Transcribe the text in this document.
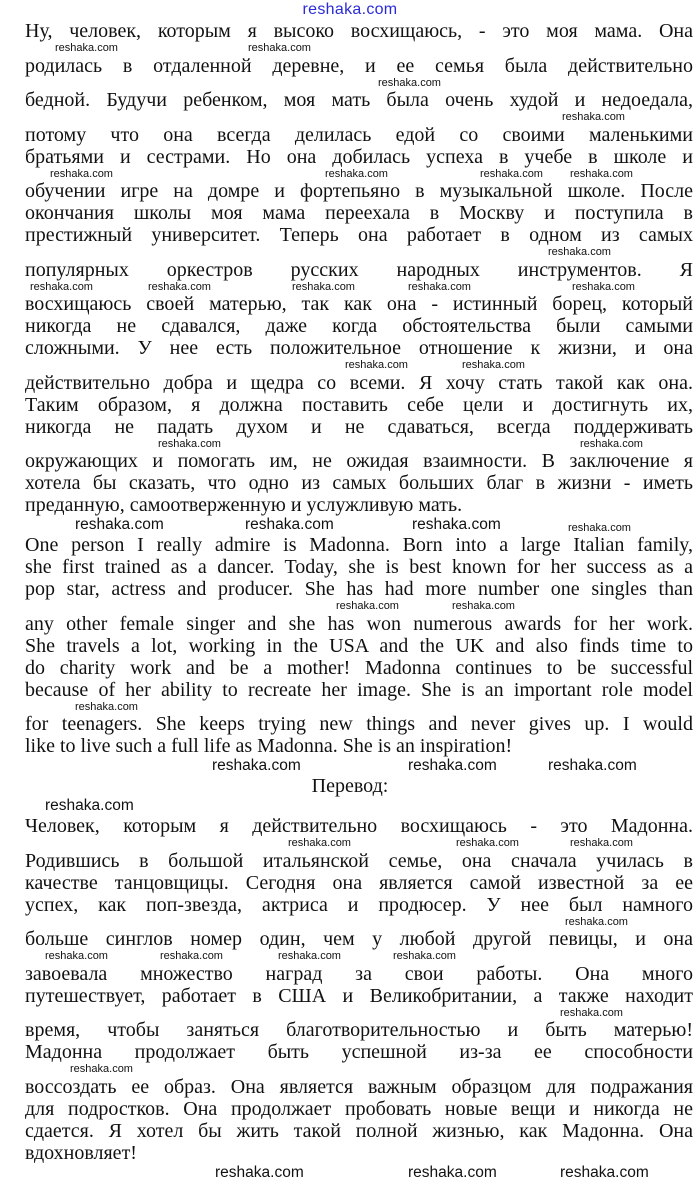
reshaka.com
Ну, человек, которым я высоко восхищаюсь, - это моя мама. Она
reshaka.com	reshaka.com
родилась в отдаленной деревне, и ее семья была действительно
reshaka.com
бедной. Будучи ребенком, моя мать была очень худой и недоедала,
reshaka.com
потому что она всегда делилась едой со своими маленькими
братьями и сестрами. Но она добилась успеха в учебе в школе и
reshaka.com	reshaka.com	reshaka.com reshaka.com
обучении игре на домре и фортепьяно в музыкальной школе. После
окончания школы моя мама переехала в Москву и поступила в
престижный университет. Теперь она работает в одном из самых
reshaka.com
популярных оркестров русских народных инструментов. Я
reshaka.com	reshaka.com	reshaka.com	reshaka.com	reshaka.com
восхищаюсь своей матерью, так как она - истинный борец, который
никогда не сдавался, даже когда обстоятельства были самыми
сложными. У нее есть положительное отношение к жизни, и она
reshaka.com	reshaka.com
действительно добра и щедра со всеми. Я хочу стать такой как она.
Таким образом, я должна поставить себе цели и достигнуть их,
никогда не падать духом и не сдаваться, всегда поддерживать
reshaka.com	reshaka.com
окружающих и помогать им, не ожидая взаимности. В заключение я
хотела бы сказать, что одно из самых больших благ в жизни - иметь
преданную, самоотверженную и услужливую мать.
reshaka.com	reshaka.com	reshaka.com	reshaka.com
One person I really admire is Madonna. Born into a large Italian family,
she first trained as a dancer. Today, she is best known for her success as a
pop star, actress and producer. She has had more number one singles than
reshaka.com	reshaka.com
any other female singer and she has won numerous awards for her work.
She travels a lot, working in the USA and the UK and also finds time to
do charity work and be a mother! Madonna continues to be successful
because of her ability to recreate her image. She is an important role model
reshaka.com
for teenagers. She keeps trying new things and never gives up. I would
like to live such a full life as Madonna. She is an inspiration!
reshaka.com	reshaka.com	reshaka.com
Перевод:
reshaka.com
Человек, которым я действительно восхищаюсь - это Мадонна.
reshaka.com	reshaka.com	reshaka.com
Родившись в большой итальянской семье, она сначала училась в
качестве танцовщицы. Сегодня она является самой известной за ее
успех, как поп-звезда, актриса и продюсер. У нее был намного
reshaka.com
больше синглов номер один, чем у любой другой певицы, и она
reshaka.com	reshaka.com	reshaka.com	reshaka.com
завоевала множество наград за свои работы. Она много
путешествует, работает в США и Великобритании, а также находит
reshaka.com
время, чтобы заняться благотворительностью и быть матерью!
Мадонна продолжает быть успешной из-за ее способности
reshaka.com
воссоздать ее образ. Она является важным образцом для подражания
для подростков. Она продолжает пробовать новые вещи и никогда не
сдается. Я хотел бы жить такой полной жизнью, как Мадонна. Она
вдохновляет!
reshaka.com	reshaka.com	reshaka.com
